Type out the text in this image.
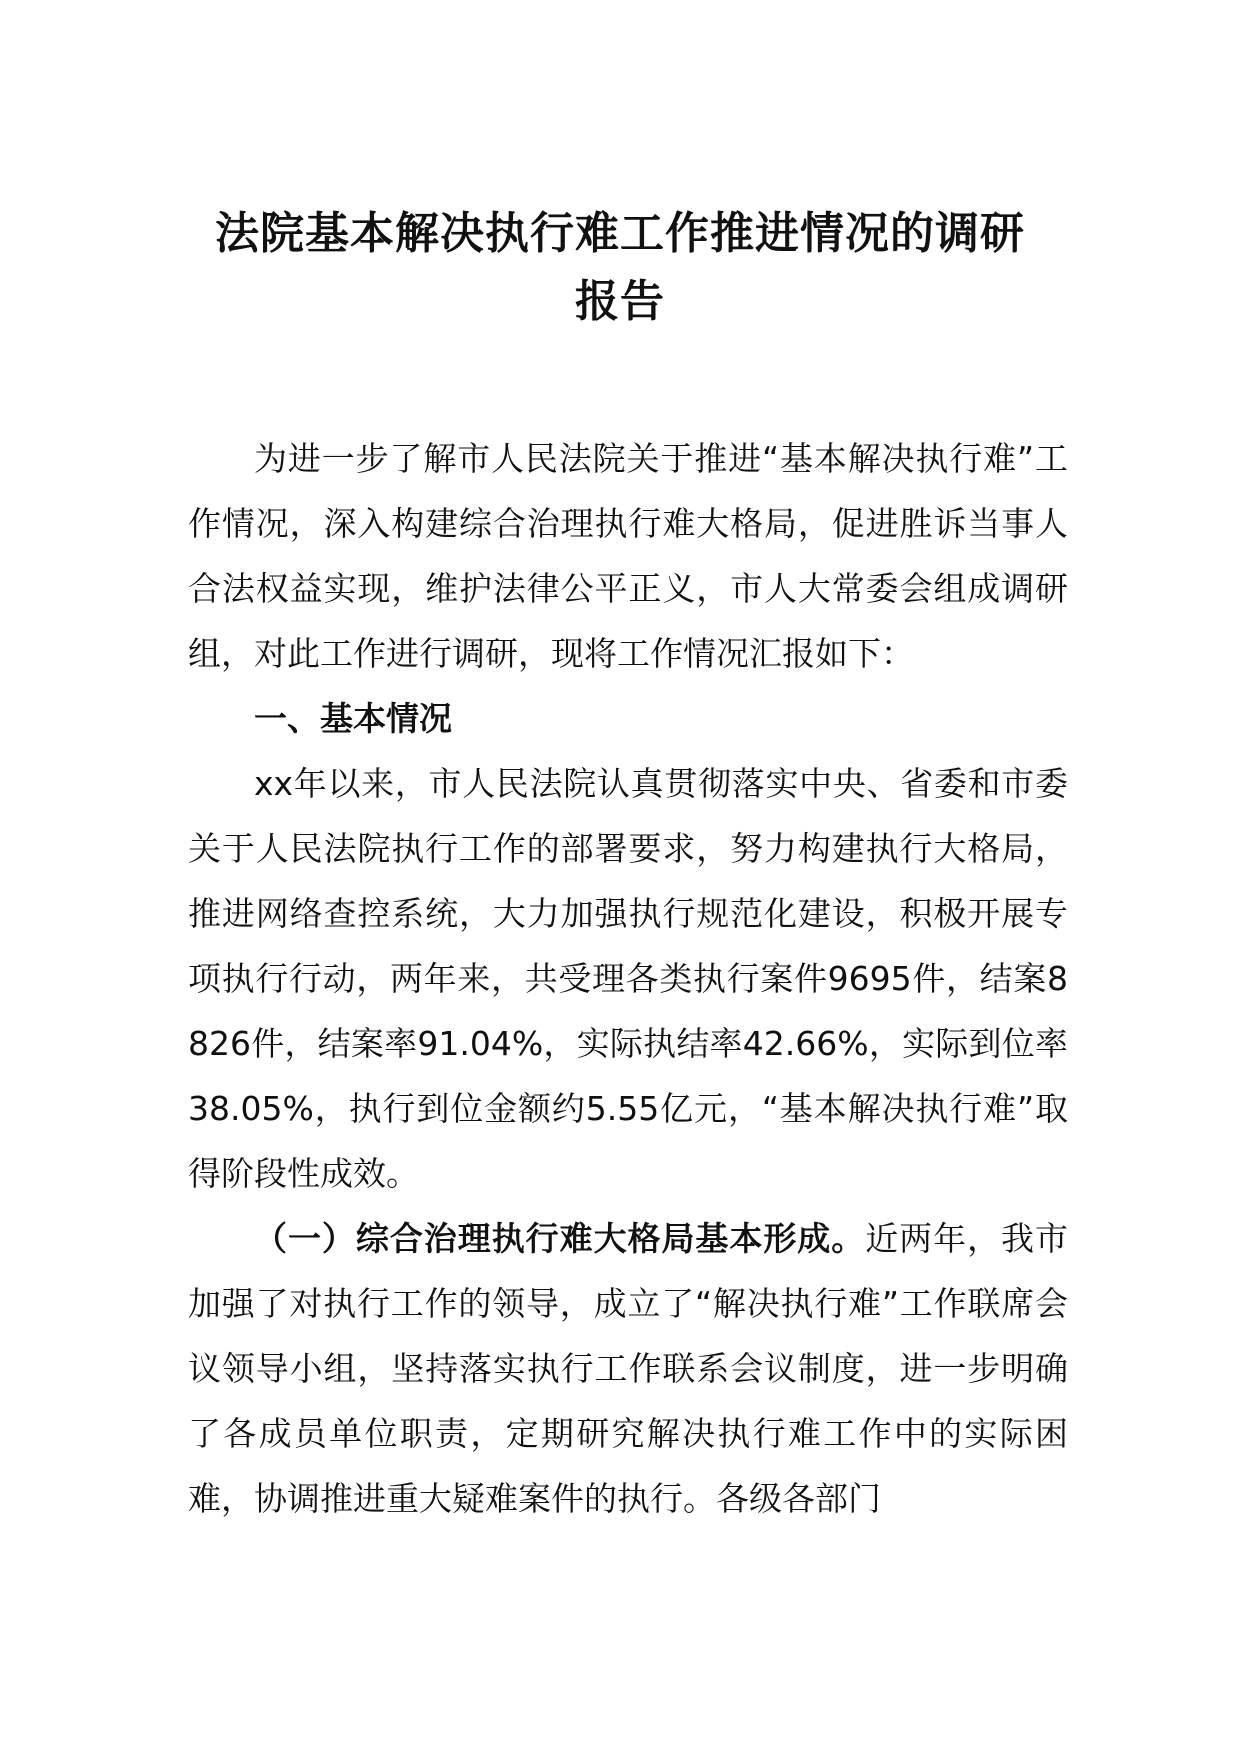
法院基本解决执行难工作推进情况的调研
报告

为进一步了解市人民法院关于推进“基本解决执行难”工作情况，深入构建综合治理执行难大格局，促进胜诉当事人合法权益实现，维护法律公平正义，市人大常委会组成调研组，对此工作进行调研，现将工作情况汇报如下：

一、基本情况

xx年以来，市人民法院认真贯彻落实中央、省委和市委关于人民法院执行工作的部署要求，努力构建执行大格局，推进网络查控系统，大力加强执行规范化建设，积极开展专项执行行动，两年来，共受理各类执行案件9695件，结案8826件，结案率91.04%，实际执结率42.66%，实际到位率38.05%，执行到位金额约5.55亿元，“基本解决执行难”取得阶段性成效。

（一）综合治理执行难大格局基本形成。近两年，我市加强了对执行工作的领导，成立了“解决执行难”工作联席会议领导小组，坚持落实执行工作联系会议制度，进一步明确了各成员单位职责，定期研究解决执行难工作中的实际困难，协调推进重大疑难案件的执行。各级各部门
